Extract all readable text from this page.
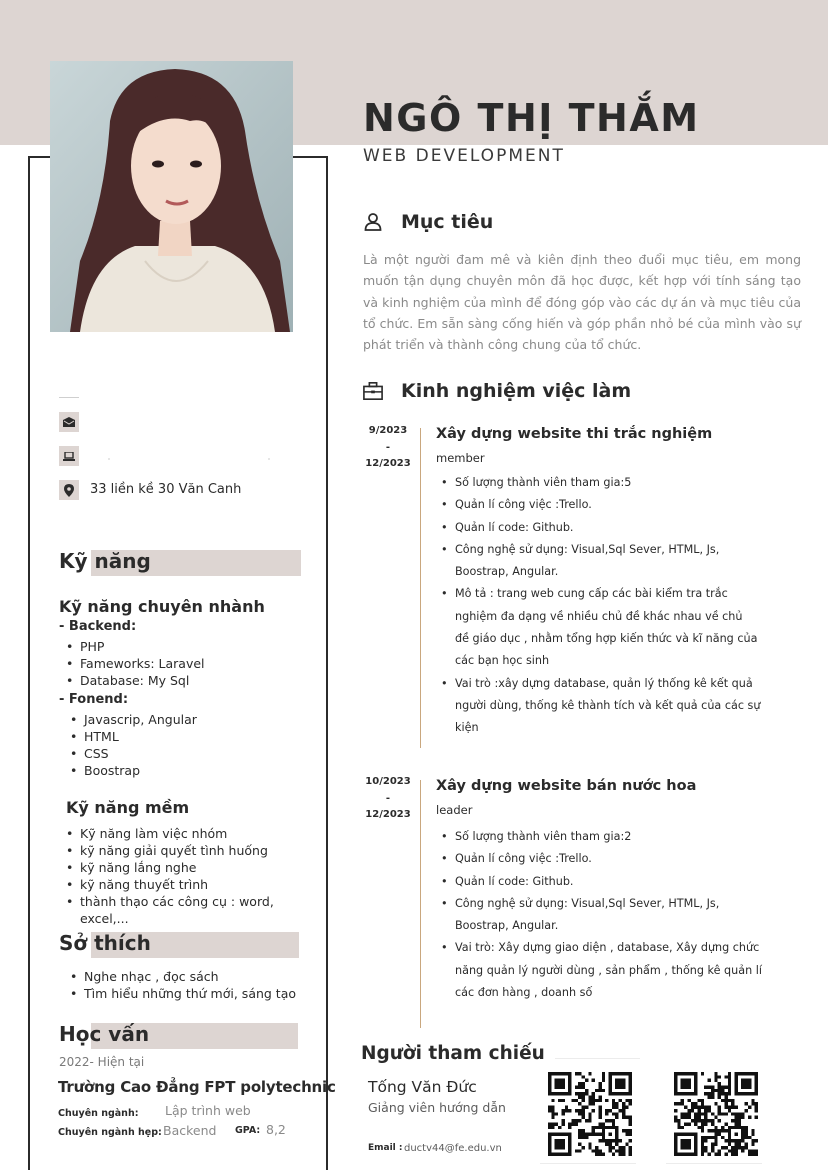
NGÔ THỊ THẮM
WEB DEVELOPMENT
33 liền kề 30 Văn Canh
Kỹ năng
Kỹ năng chuyên nhành
- Backend:
• PHP
• Fameworks: Laravel
• Database: My Sql
- Fonend:
• Javascrip, Angular
• HTML
• CSS
• Boostrap
Kỹ năng mềm
• Kỹ năng làm việc nhóm
• kỹ năng giải quyết tình huống
• kỹ năng lắng nghe
• kỹ năng thuyết trình
• thành thạo các công cụ : word, excel,...
Sở thích
• Nghe nhạc , đọc sách
• Tìm hiểu những thứ mới, sáng tạo
Học vấn
2022- Hiện tại
Trường Cao Đẳng FPT polytechnic
Chuyên ngành: Lập trình web
Chuyên ngành hẹp: Backend GPA: 8,2
Mục tiêu
Là một người đam mê và kiên định theo đuổi mục tiêu, em mong muốn tận dụng chuyên môn đã học được, kết hợp với tính sáng tạo và kinh nghiệm của mình để đóng góp vào các dự án và mục tiêu của tổ chức. Em sẵn sàng cống hiến và góp phần nhỏ bé của mình vào sự phát triển và thành công chung của tổ chức.
Kinh nghiệm việc làm
9/2023
-
12/2023
Xây dựng website thi trắc nghiệm
member
• Số lượng thành viên tham gia:5
• Quản lí công việc :Trello.
• Quản lí code: Github.
• Công nghệ sử dụng: Visual,Sql Sever, HTML, Js, Boostrap, Angular.
• Mô tả : trang web cung cấp các bài kiểm tra trắc nghiệm đa dạng về nhiều chủ đề khác nhau về chủ đề giáo dục , nhằm tổng hợp kiến thức và kĩ năng của các bạn học sinh
• Vai trò :xây dựng database, quản lý thống kê kết quả người dùng, thống kê thành tích và kết quả của các sự kiện
10/2023
-
12/2023
Xây dựng website bán nước hoa
leader
• Số lượng thành viên tham gia:2
• Quản lí công việc :Trello.
• Quản lí code: Github.
• Công nghệ sử dụng: Visual,Sql Sever, HTML, Js, Boostrap, Angular.
• Vai trò: Xây dựng giao diện , database, Xây dựng chức năng quản lý người dùng , sản phẩm , thống kê quản lí các đơn hàng , doanh số
Người tham chiếu
Tống Văn Đức
Giảng viên hướng dẫn
Email : ductv44@fe.edu.vn
